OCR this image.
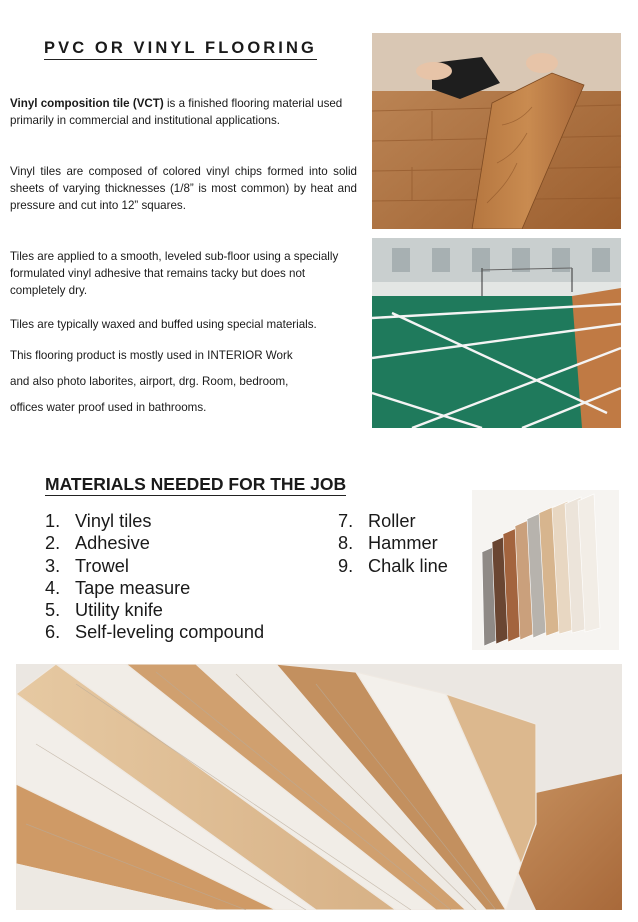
PVC OR VINYL FLOORING

Vinyl composition tile (VCT) is a finished flooring material used primarily in commercial and institutional applications.

Vinyl tiles are composed of colored vinyl chips formed into solid sheets of varying thicknesses (1/8” is most common) by heat and pressure and cut into 12” squares.

Tiles are applied to a smooth, leveled sub-floor using a specially formulated vinyl adhesive that remains tacky but does not completely dry.

Tiles are typically waxed and buffed using special materials.

This flooring product is mostly used in INTERIOR Work

and also photo laborites, airport, drg. Room, bedroom,

offices water proof used in bathrooms.

MATERIALS NEEDED FOR THE JOB
1. Vinyl tiles
2. Adhesive
3. Trowel
4. Tape measure
5. Utility knife
6. Self-leveling compound
7. Roller
8. Hammer
9. Chalk line
